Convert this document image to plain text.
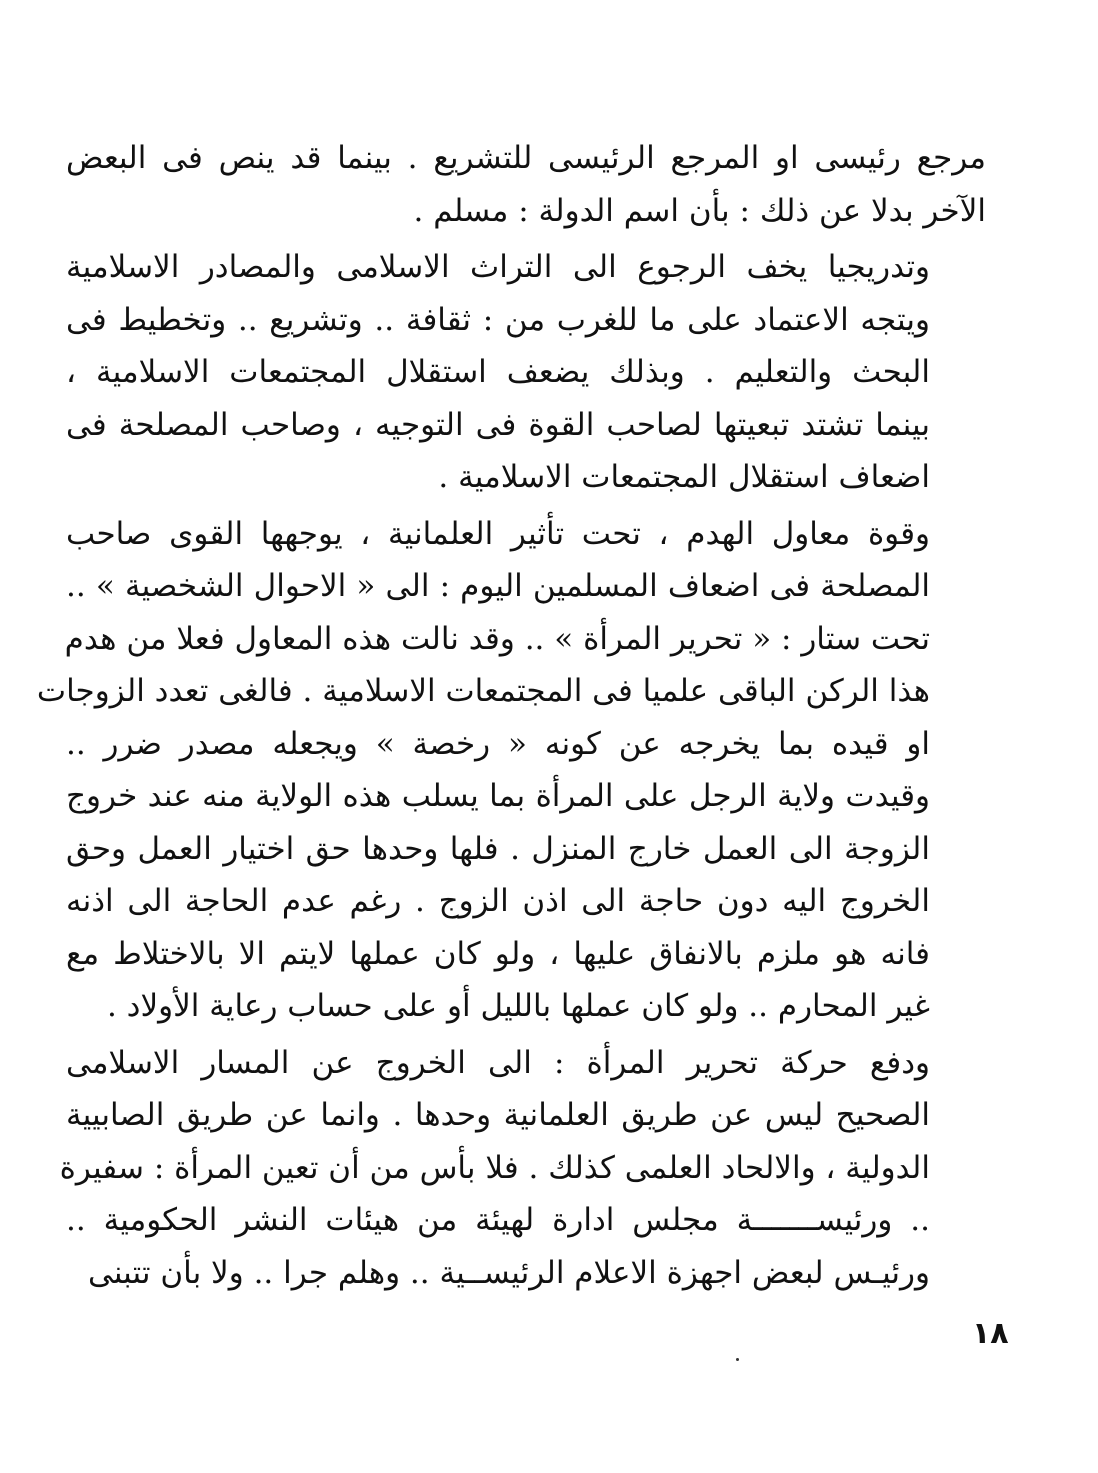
مرجع رئيسى او المرجع الرئيسى للتشريع . بينما قد ينص فى البعض
الآخر بدلا عن ذلك : بأن اسم الدولة : مسلم .
وتدريجيا يخف الرجوع الى التراث الاسلامى والمصادر الاسلامية
ويتجه الاعتماد على ما للغرب من : ثقافة .. وتشريع .. وتخطيط فى
البحث والتعليم . وبذلك يضعف استقلال المجتمعات الاسلامية ،
بينما تشتد تبعيتها لصاحب القوة فى التوجيه ، وصاحب المصلحة فى
اضعاف استقلال المجتمعات الاسلامية .
وقوة معاول الهدم ، تحت تأثير العلمانية ، يوجهها القوى صاحب
المصلحة فى اضعاف المسلمين اليوم : الى « الاحوال الشخصية » ..
تحت ستار : « تحرير المرأة » .. وقد نالت هذه المعاول فعلا من هدم
هذا الركن الباقى علميا فى المجتمعات الاسلامية . فالغى تعدد الزوجات
او قيده بما يخرجه عن كونه « رخصة » ويجعله مصدر ضرر ..
وقيدت ولاية الرجل على المرأة بما يسلب هذه الولاية منه عند خروج
الزوجة الى العمل خارج المنزل . فلها وحدها حق اختيار العمل وحق
الخروج اليه دون حاجة الى اذن الزوج . رغم عدم الحاجة الى اذنه
فانه هو ملزم بالانفاق عليها ، ولو كان عملها لايتم الا بالاختلاط مع
غير المحارم .. ولو كان عملها بالليل أو على حساب رعاية الأولاد .
ودفع حركة تحرير المرأة : الى الخروج عن المسار الاسلامى
الصحيح ليس عن طريق العلمانية وحدها . وانما عن طريق الصابيية
الدولية ، والالحاد العلمى كذلك . فلا بأس من أن تعين المرأة : سفيرة
.. ورئيســـــــة مجلس ادارة لهيئة من هيئات النشر الحكومية ..
ورئيـس لبعض اجهزة الاعلام الرئيســية .. وهلم جرا .. ولا بأن تتبنى
١٨
